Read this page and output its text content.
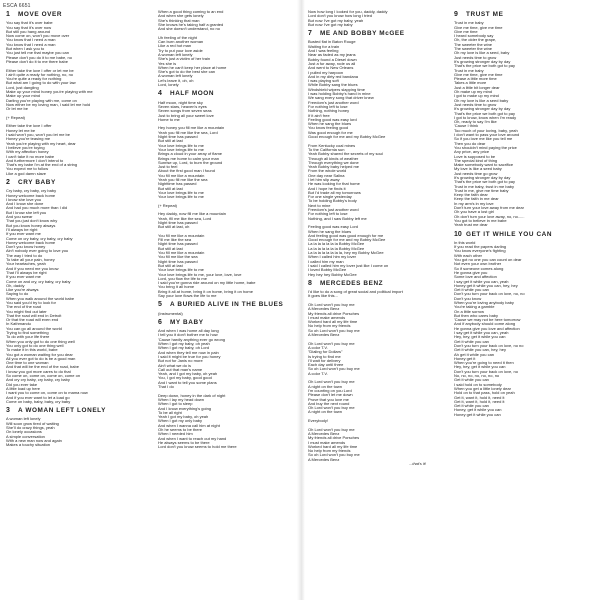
ESCA 6651
1	MOVE OVER
You say that it's over babe
You say that it's over now
But still you hang around
Now come on, won't you move over
You know that I need a man
You know that I need a man
But when I ask you to
You just tell me that maybe you can
Please don't you do it to me babe, no
Please don't do it to me there babe

Either take the love I offer or let me be
I ain't quite a ready for nothing, no, no
You're quite a ready for nothing
But what am I going to do with your law
Lord, just dangling
Make up your mind honey you're playing with me
Make up your mind
Darling you're playing with me, come on
Now either be my loving man, I said let me hold
Or let me be

(+ Repeat)

Either take the love I offer
Honey let me be
I said won't you, won't you let me be
Honey you're teasing me
Yeah you're playing with my heart, dear
I believe you're toying
With my affection honey
I can't take it no more babe
And furthermore I don't intend to
That's my babe I'm at the end of a string
You expect me to follow
Like a god damn slave
2	CRY BABY
Cry baby, cry baby, cry baby
Honey welcome back home
I know she love you
And I know she done
And had you much more than I did
But I know she left you
And you swear
That you just don't know why
But you know honey always
I'll always be right
If you ever want me
Come on cry baby, cry baby, cry baby
Honey welcome back home
Don't you know honey
Ain't nobody ever going to love you
The way I tried to do
To take all your pain, honey
Your heartaches, yeah
And if you need me you know
That I'll always be right
If you ever want me
Come on and cry, cry baby, cry baby
Oh, daddy
Like you're always
Saying to do
When you walk around the world babe
You said you'd try to look for
The end of the road
You might find out later
That the road will end in Detroit
Or that the road will even end
In Kathmandu
You can go all around the world
Trying to find something
To do with your life there
When you only got to do one thing well
You only got to do one thing well
To make it in this world, babe
You got a woman waiting for you dear
All you ever got to do is be a good man
One time to one woman
And that will be the end of the road, babe
I know you got more cares to do that
So come on, come on, come on, come on
And cry cry baby, cry baby, cry baby
Did you ever take
A little load up here
I want you to come on, come on to mama now
And if you ever want to let a load go
Come on baby, baby, baby, cry baby
3	A WOMAN LEFT LONELY
A woman left lonely
Will soon grow tired of waiting
She'll do crazy things, yeah
On lonely occasions
A simple conversation
With a new man now and again
Makes a touchy situation
When a good thing coming to an end
And when she gets lonely
She's thinking that man
She knows he's taking half a granted
And she doesn't understand, no no

Uh feeling of the night
Can burn another woman
Like a red hot man
Try to put your love aside
A woman left lonely
She's just a victim of her train
Yes she is
When he can't keep her place at home
She's got to do the best she can
A woman left lonely
Let's leave it, oh, oh
Lord, lonely
4	HALF MOON
Half moon, night time sky
Seven stars, heaven's eyes
Seven songs from seven seas
Just to bring all your sweet love
Home to me

Hey honey you fill me like a mountain
Yeah you fill me like the sea, Lord
Night time has passed
But still at last
Your love brings life to me
Your love brings life to me
Brings a cloud in your array of flame
Brings me home to calm your man
Sunrise up, Lord, to burn the ground
Just to feel
About the first good man I found
You fill me like a mountain
Yeah you fill me like the sea
Nighttime has passed
But still at last
Your love brings life to me
Your love brings life to me

(+ Repeat)

Hey daddy, now fill me like a mountain
Yeah, fill me like the sea, Lord
Night time has passed
But still at last, oh

You fill me like a mountain
Fill me like the sea
Night time has passed
But still at last
You fill me like a mountain
You fill me like the sea
Night time has passed
But still at last
Your love brings life to me
Your love brings life to me, your love, love, love
Lord, you flow the life to me
I said you're gonna ride around on my little home, babe
You bring it all home
Bring it all at home, bring it on home, bring it on home
Say your love flows the life to me
5	A BURIED ALIVE IN THE BLUES
(Instrumental)
6	MY BABY
And when I was home all day long
I tell you it don't bother me to how
'Cause hardly anything ever go wrong
When I got my baby, oh yeah
When I got my baby, oh Lord
And when they tell me now in pain
I said it might be true for you honey
But not for Janis no more
Ain't what we do is
Call out that man's name
Yeah, and I got my baby, oh yeah
You, I got my baby, good good
And I want to tell you some plans
That I do

Deep down, honey in the dark of night
When I lay my head down
When I got to sleep
And I know everything's going
To be all right
Yeah I got my baby, oh yeah
When I got my only baby
And when I wanna call him at night
Oh he seems to be there
When I needed him
And when I want to reach out my hand
He always seems to be there
Lord don't you know seems to hold me there
Now how long I looked for you, daddy, daddy
Lord don't you know how long I tried
But now I've got my baby, yeah
But now I've got my baby
7	ME AND BOBBY McGEE
Busted flat in Baton Rouge
Waiting for a train
And I was feeling
Near as faded as my jeans
Bobby found a Diesel down
Just a fur away, rode us all
And went to New Orleans
I pulled my harpoon
And in my dirty red bandana
I was playing soft
While Bobby sang the blues
Windshield wipers slapping time
I was holding Bobby's hand in mine
We sang every song that driver knew
Freedom's just another word
For nothing left to lose
Nothing, nothing honey
If it ain't free
Feeling good was easy lord
When he sang the blues
You know feeling good
Was good enough for me
Good enough for me and my Bobby McGee

From Kentucky coal mines
To the California sun
Yeah Bobby shared the secrets of my soul
Through all kinds of weather
Through everything we done
Yeah Bobby baby helped me
From the whole world
One day near Salina
I let him slip away
He was looking for that home
And I hope he finds it
But I'd trade all my tomorrows
For one single yesterday
To be holding Bobby's body
Next to mine
Freedom's just another word
For nothing left to lose
Nothing, and I saw Bobby left me

Feeling good was easy Lord
When he sang the blues
And feeling good was good enough for me
Good enough for me and my Bobby McGee
La la la la la la la Bobby McGee
La la la la la la la Bobby McGee
La la la la la la la la, hey my Bobby McGee
When I called him my lover
I called him my man
I said I called him my lover just like I come on
I loved Bobby McGee
Hey hey hey Bobby McGee
8	MERCEDES BENZ
I'd like to do a song of great social and political import
It goes like this...

Oh Lord won't you buy me
A Mercedes Benz
My friends all drive Porsches
I must make amends
Worked hard all my life time
No help from my friends
So oh Lord won't you buy me
A Mercedes Benz

Oh Lord won't you buy me
A color T.V.
"Dialing for Dollars"
Is trying to find me
I'll wait for delivery
Each day until three
So oh Lord won't you buy me
A color T.V.

Oh Lord won't you buy me
A night on the town
I'm counting on you Lord
Please don't let me down
Prove that you love me
And buy the next round
Oh Lord won't you buy me
A night on the town

Everybody!

Oh Lord won't you buy me
A Mercedes Benz
My friends all drive Porsches
I must make amends
Worked hard all my life time
No help from my friends
So oh Lord won't you buy me
A Mercedes Benz
...that's it!
9	TRUST ME
Trust in me baby
Give me time, give me time
Give me time
I heard somebody say
Oh, the older the grape,
The sweeter the wine
The sweeter the wine
Oh my love is like a seed, baby
Just needs time to grow
It's growing stronger day by day
That's the price we both got to pay
Trust in me baby
Give me time, give me time
Please a little more time
Takes a little more
Just a little bit longer dear
Oh make up my mind
I got to make up my mind
Oh my love is like a seed baby
Just needs time to grow
It's growing stronger day by day
That's the price we both got to pay
I got to know, know when I'm ready
Oh, ready to say I'm like
'Cause I think
Too much of your loving, baby, yeah
I don't want to pass your love around
So if you love me like you tell me
Then you do dear
You shouldn't mind paying the price
Any price, any price
Love is supposed to be
The special kind of thing
Make somebody want to sacrifice
My love is like a seed baby
Just needs time go grow
It's growing stronger day by day
That's the price we both got to pay
Trust in me baby, trust in me baby
Trust in me, give me time baby
Keep the faith dear
Keep the faith in me dear
In my arm's in my love
Don't turn your love away from me dear
Oh you have a lost girl
Oh don't turn your love away, no, no......
You got to believe in me babe
Yeah trust me dear
10 GET IT WHILE YOU CAN
In this world
If you read the papers darling
You know everyone's fighting
With each other
You got no one you can count on dear
Not even your own brother
So if someone comes along
He gonna give you
Some love and affection
I say get it while you can, yeah
Honey get it while you can, hey, hey
Get it while you can
Don't you turn your back on love, no, no
Don't you know
When you're loving anybody baby
You're taking a gamble
On a little sorrow
But then who cares baby
'Cause we may not be here tomorrow
And if anybody should come along
He gonna give you love and affection
I say get it while you can, yeah
Hey, hey, get it while you can
Get it while you can
Don't you turn your back on love, no no
Get it while you can, hey, hey
Ah get it while you can
Honey get it
When you're going to need it then
Hey, hey, get it while you can
Don't you turn your back on love, no
No, no, no, no, no, no, no
Get it while you can
I said hold on to somebody
When you get a little lonely dear
Hold on to that pass, hold on yeah
Get it, want it, hold it, need it
Get it, want it, hold it, need it
Get it while you can
Honey, get it while you can
Honey get it while you can
